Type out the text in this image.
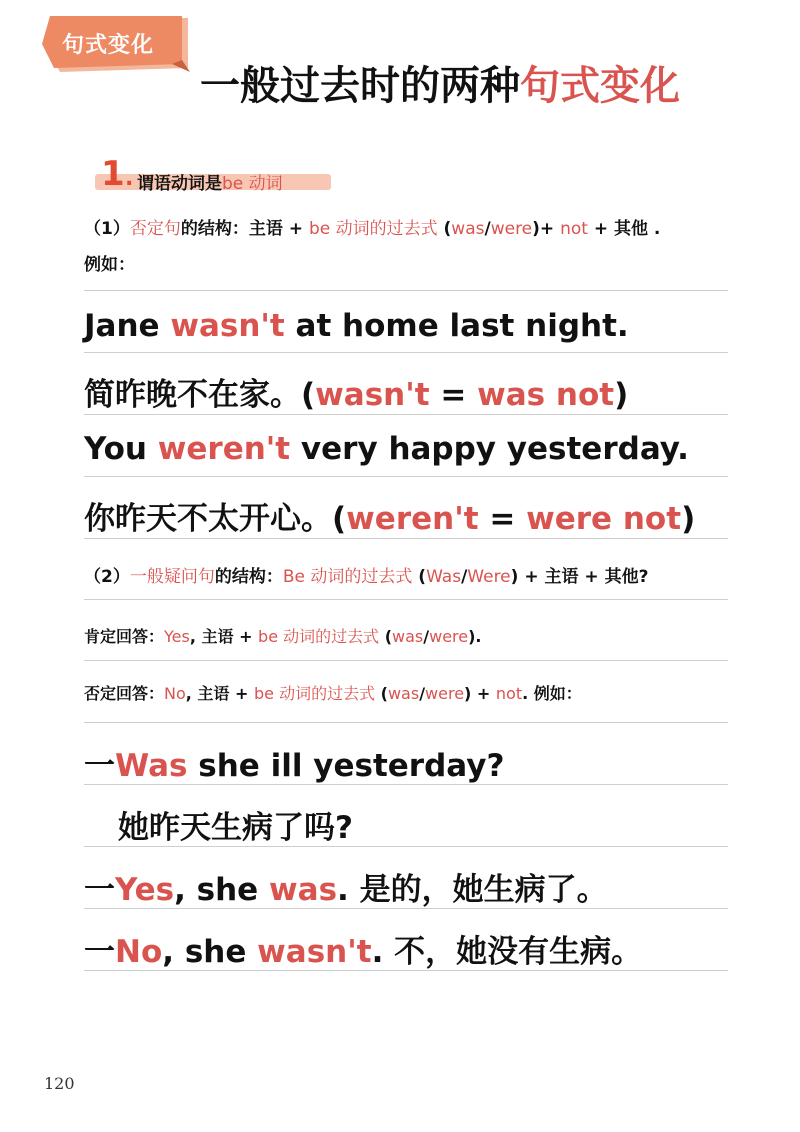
句式变化
一般过去时的两种句式变化
1 . 谓语动词是be 动词
（1）否定句的结构：主语 + be 动词的过去式 (was/were)+ not + 其他 .
例如：
Jane wasn't at home last night.
简昨晚不在家。(wasn't = was not)
You weren't very happy yesterday.
你昨天不太开心。(weren't = were not)
（2）一般疑问句的结构：Be 动词的过去式 (Was/Were) + 主语 + 其他?
肯定回答：Yes, 主语 + be 动词的过去式 (was/were).
否定回答：No, 主语 + be 动词的过去式 (was/were) + not. 例如：
一Was she ill yesterday?
她昨天生病了吗?
一Yes, she was. 是的，她生病了。
一No, she wasn't. 不，她没有生病。
120
